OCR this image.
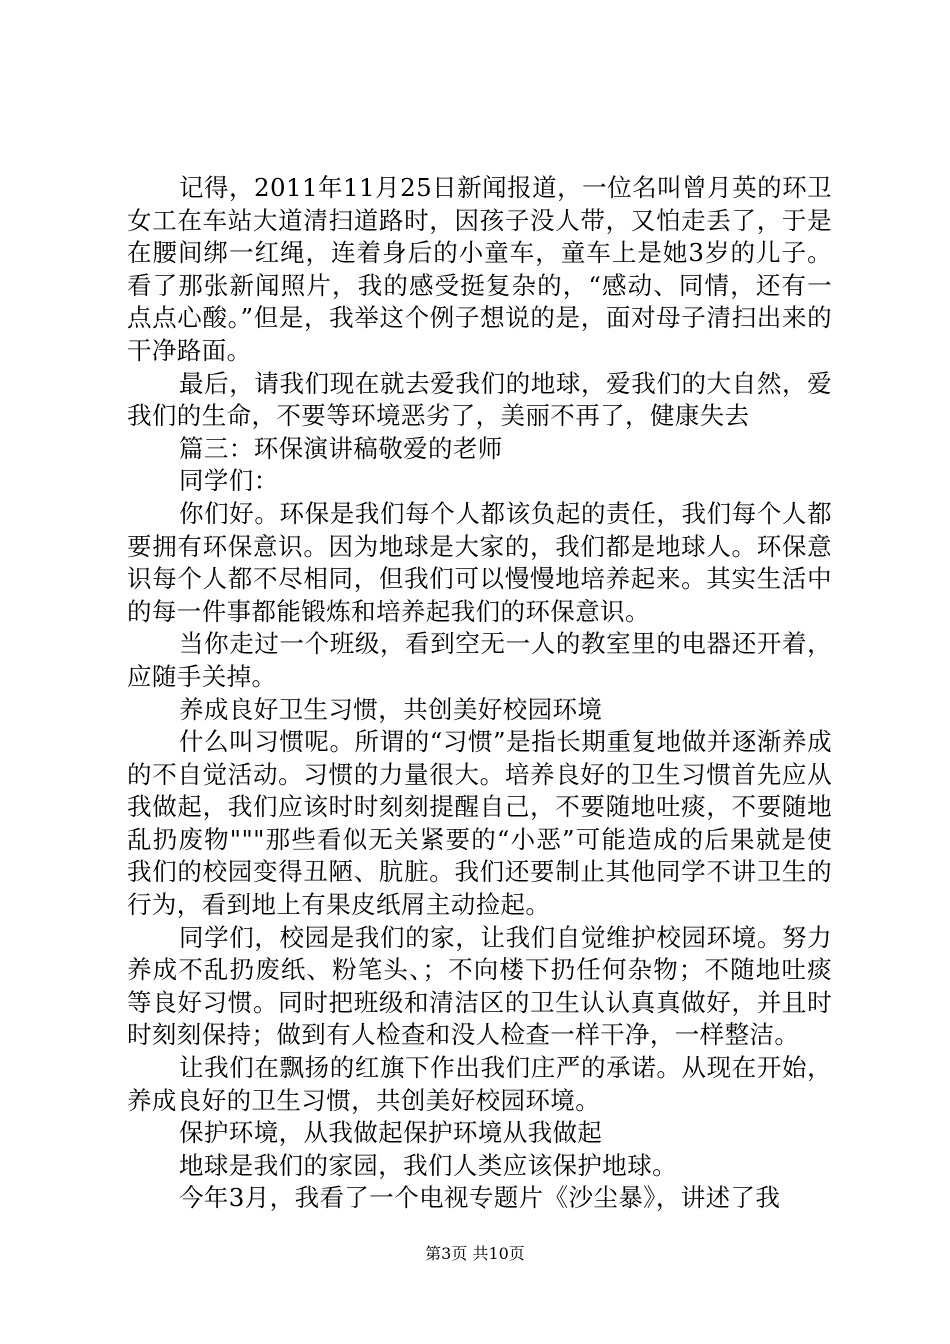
记得，2011年11月25日新闻报道，一位名叫曾月英的环卫女工在车站大道清扫道路时，因孩子没人带，又怕走丢了，于是在腰间绑一红绳，连着身后的小童车，童车上是她3岁的儿子。看了那张新闻照片，我的感受挺复杂的，“感动、同情，还有一点点心酸。”但是，我举这个例子想说的是，面对母子清扫出来的干净路面。

最后，请我们现在就去爱我们的地球，爱我们的大自然，爱我们的生命，不要等环境恶劣了，美丽不再了，健康失去

篇三：环保演讲稿敬爱的老师

同学们：

你们好。环保是我们每个人都该负起的责任，我们每个人都要拥有环保意识。因为地球是大家的，我们都是地球人。环保意识每个人都不尽相同，但我们可以慢慢地培养起来。其实生活中的每一件事都能锻炼和培养起我们的环保意识。

当你走过一个班级，看到空无一人的教室里的电器还开着，应随手关掉。

养成良好卫生习惯，共创美好校园环境

什么叫习惯呢。所谓的“习惯”是指长期重复地做并逐渐养成的不自觉活动。习惯的力量很大。培养良好的卫生习惯首先应从我做起，我们应该时时刻刻提醒自己，不要随地吐痰，不要随地乱扔废物"""那些看似无关紧要的“小恶”可能造成的后果就是使我们的校园变得丑陋、肮脏。我们还要制止其他同学不讲卫生的行为，看到地上有果皮纸屑主动捡起。

同学们，校园是我们的家，让我们自觉维护校园环境。努力养成不乱扔废纸、粉笔头、；不向楼下扔任何杂物；不随地吐痰等良好习惯。同时把班级和清洁区的卫生认认真真做好，并且时时刻刻保持；做到有人检查和没人检查一样干净，一样整洁。

让我们在飘扬的红旗下作出我们庄严的承诺。从现在开始，养成良好的卫生习惯，共创美好校园环境。

保护环境，从我做起保护环境从我做起

地球是我们的家园，我们人类应该保护地球。

今年3月，我看了一个电视专题片《沙尘暴》，讲述了我

第3页 共10页
